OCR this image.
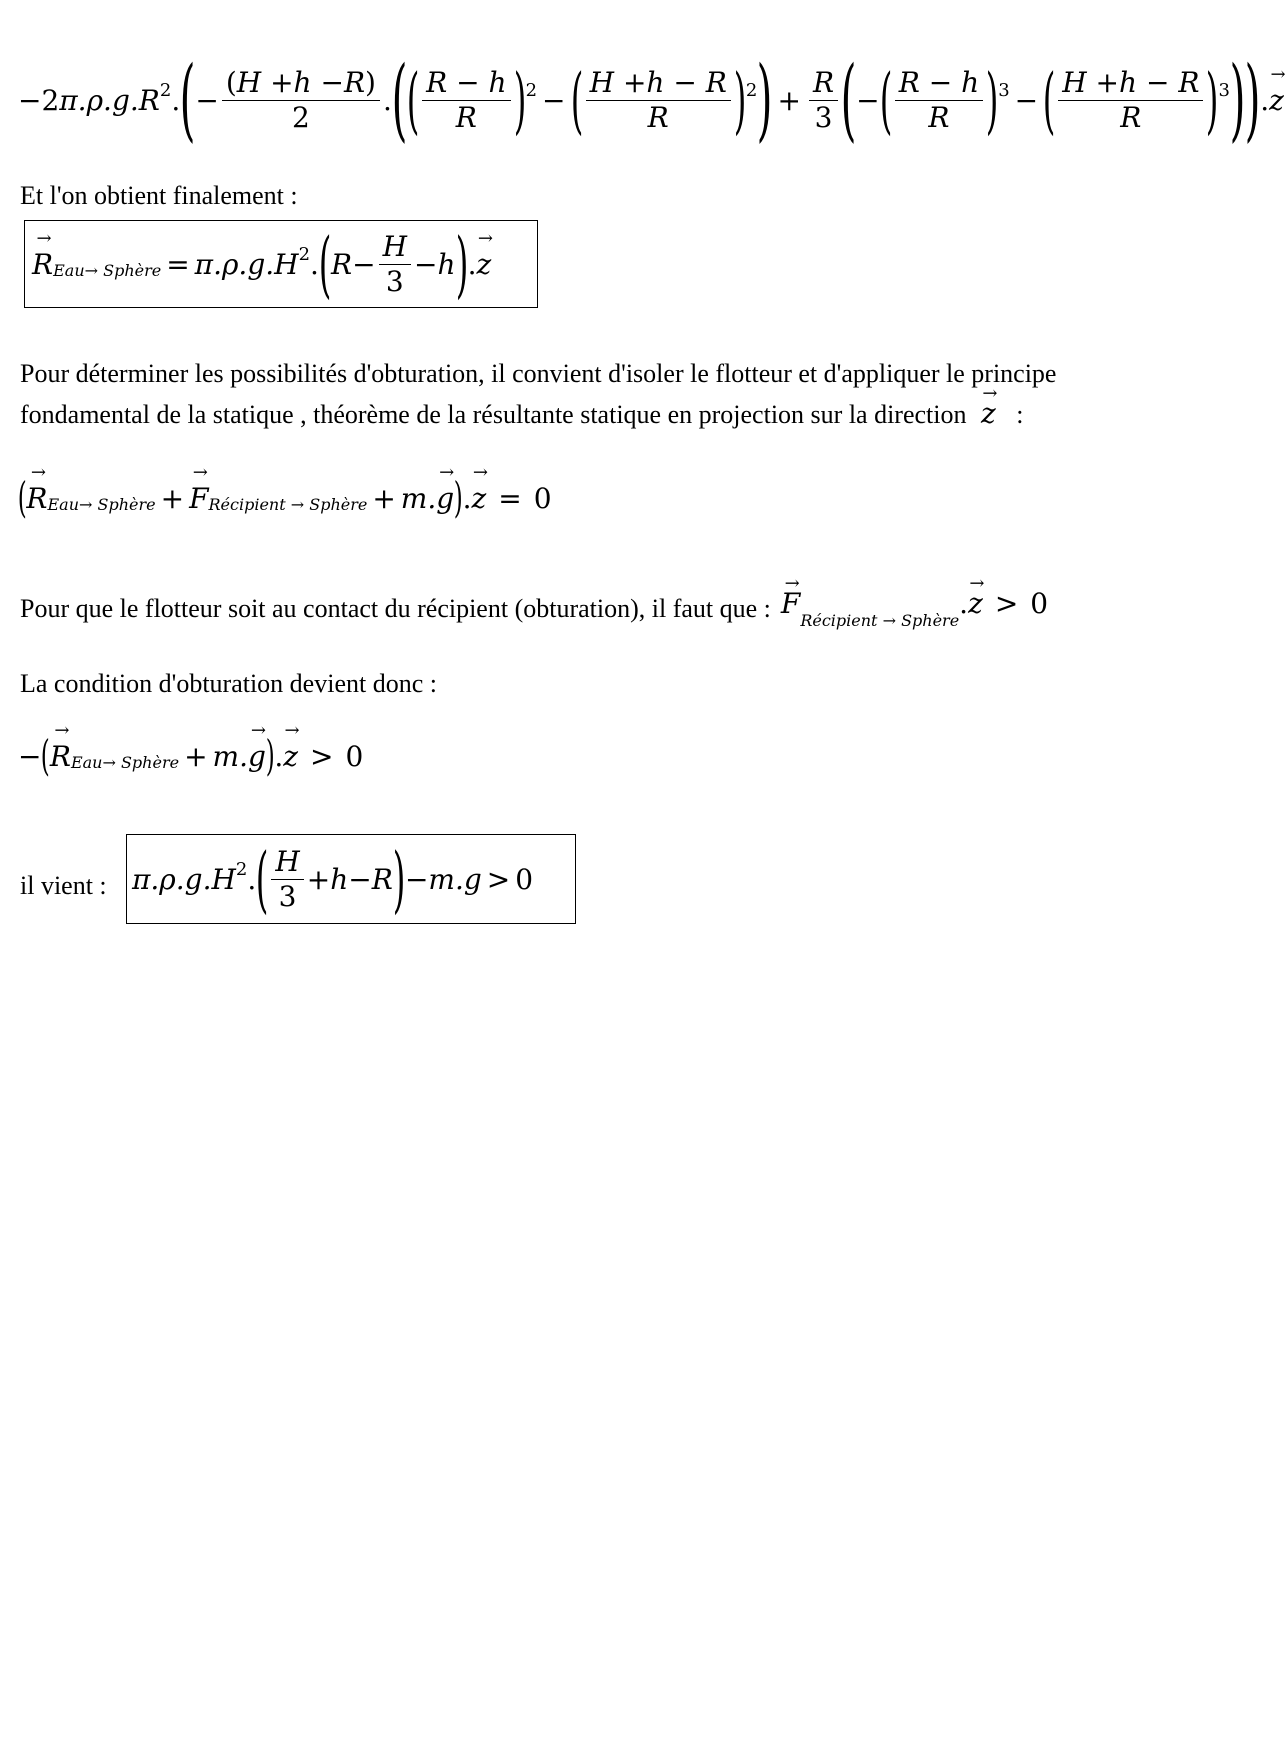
−2 π.ρ.g.R 2 . ( − $\frac{(H +h -R)}{2}$ . ( ( $\frac{R - h}{R}$ ) 2 − ( $\frac{H +h - R}{R}$ ) 2 ) + $\frac{R}{3}$ ( − ( $\frac{R - h}{R}$ ) 3 − ( $\frac{H +h - R}{R}$ ) 3 ) ) . → z
Et l'on obtient finalement :
→ R Eau→ Sphère = π.ρ.g.H 2 . ( $R - \frac{H}{3} - h$ ) . → z
Pour déterminer les possibilités d'obturation, il convient d'isoler le flotteur et d'appliquer le principe
fondamental de la statique , théorème de la résultante statique en projection sur la direction → z :
( → R Eau→ Sphère + → F Récipient → Sphère + m. → g ) . → z = 0
Pour que le flotteur soit au contact du récipient (obturation), il faut que : → $F_{Récipient \to Sphère}.\to z > 0$
La condition d'obturation devient donc :
− ( → R Eau→ Sphère + m. → g ) . → z > 0
il vient : π.ρ.g.H 2 . ( $\frac{H}{3} + h - R$ ) − m.g > 0
